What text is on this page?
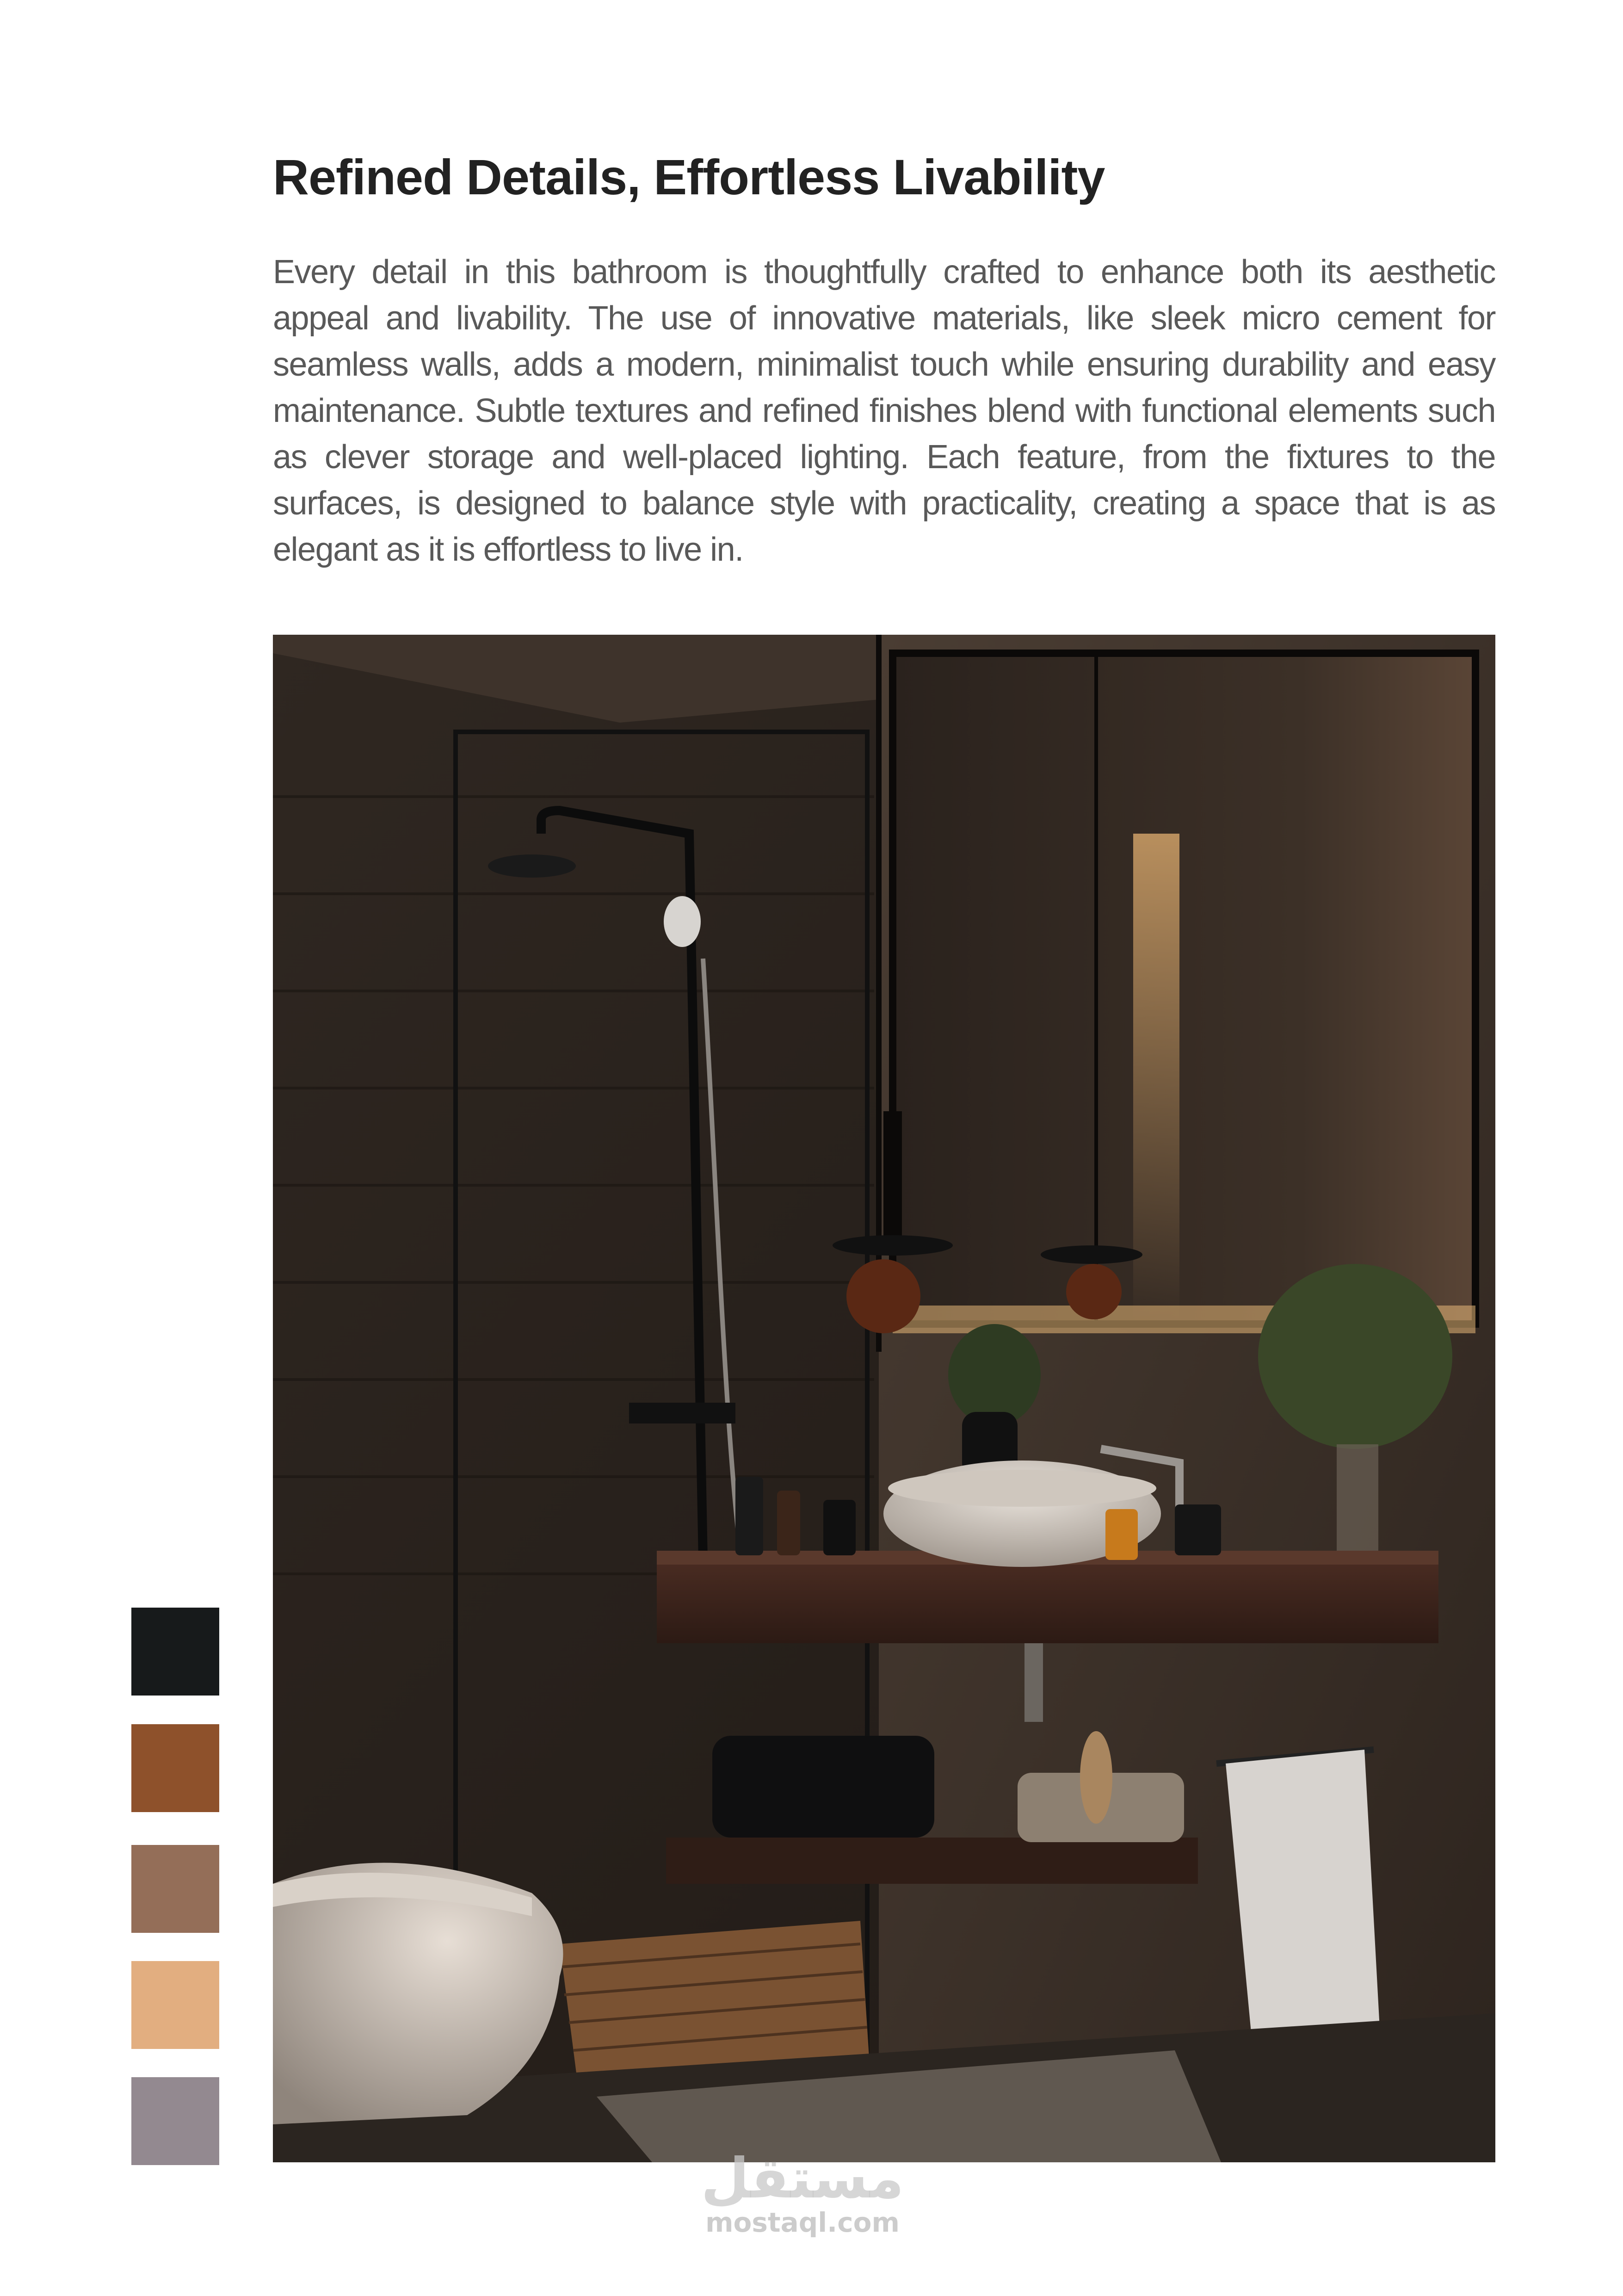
Refined Details, Effortless Livability

Every detail in this bathroom is thoughtfully crafted to enhance both its aesthetic appeal and livability. The use of innovative materials, like sleek micro cement for seamless walls, adds a modern, minimalist touch while ensuring durability and easy maintenance. Subtle textures and refined finishes blend with functional elements such as clever storage and well-placed lighting. Each feature, from the fixtures to the surfaces, is designed to balance style with practicality, creating a space that is as elegant as it is effortless to live in.

مستقل
mostaql.com
